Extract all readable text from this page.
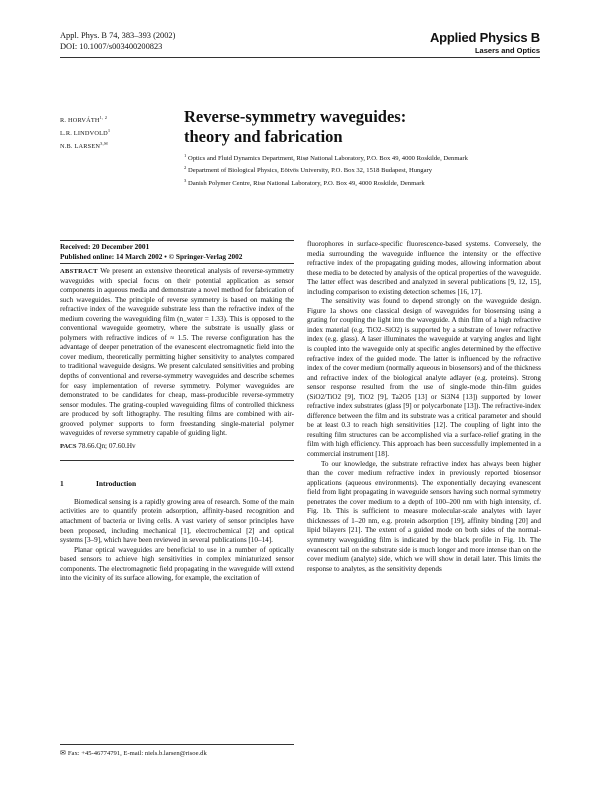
Appl. Phys. B 74, 383–393 (2002)
DOI: 10.1007/s003400200823
Applied Physics B
Lasers and Optics
R. HORVÁTH$^{1, 2}$
L.R. LINDVOLD$^1$
N.B. $LARSEN^{3,✉}$
Reverse-symmetry waveguides:
theory and fabrication
$^1$ Optics and Fluid Dynamics Department, Risø National Laboratory, P.O. Box 49, 4000 Roskilde, Denmark
$^2$ Department of Biological Physics, Eötvös University, P.O. Box 32, 1518 Budapest, Hungary
$^3$ Danish Polymer Centre, Risø National Laboratory, P.O. Box 49, 4000 Roskilde, Denmark
Received: 20 December 2001
Published online: 14 March 2002 • © Springer-Verlag 2002

ABSTRACT We present an extensive theoretical analysis of reverse-symmetry waveguides with special focus on their potential application as sensor components in aqueous media and demonstrate a novel method for fabrication of such waveguides. The principle of reverse symmetry is based on making the refractive index of the waveguide substrate less than the refractive index of the medium covering the waveguiding film (n_water = 1.33). This is opposed to the conventional waveguide geometry, where the substrate is usually glass or polymers with refractive indices of ≈ 1.5. The reverse configuration has the advantage of deeper penetration of the evanescent electromagnetic field into the cover medium, theoretically permitting higher sensitivity to analytes compared to traditional waveguide designs. We present calculated sensitivities and probing depths of conventional and reverse-symmetry waveguides and describe schemes for easy implementation of reverse symmetry. Polymer waveguides are demonstrated to be candidates for cheap, mass-producible reverse-symmetry sensor modules. The grating-coupled waveguiding films of controlled thickness are produced by soft lithography. The resulting films are combined with air-grooved polymer supports to form freestanding single-material polymer waveguides of reverse symmetry capable of guiding light.

PACS 78.66.Qn; 07.60.Hv

1	Introduction

Biomedical sensing is a rapidly growing area of research. Some of the main activities are to quantify protein adsorption, affinity-based recognition and attachment of bacteria or living cells. A vast variety of sensor principles have been proposed, including mechanical [1], electrochemical [2] and optical systems [3–9], which have been reviewed in several publications [10–14].

Planar optical waveguides are beneficial to use in a number of optically based sensors to achieve high sensitivities in complex miniaturized sensor components. The electromagnetic field propagating in the waveguide will extend into the vicinity of its surface allowing, for example, the excitation of

✉ Fax: +45-46774791, E-mail: niels.b.larsen@risoe.dk

fluorophores in surface-specific fluorescence-based systems. Conversely, the media surrounding the waveguide influence the intensity or the effective refractive index of the propagating guiding modes, allowing information about these media to be detected by analysis of the optical properties of the waveguide. The latter effect was described and analyzed in several publications [9, 12, 15], including comparison to existing detection schemes [16, 17].

The sensitivity was found to depend strongly on the waveguide design. Figure 1a shows one classical design of waveguides for biosensing using a grating for coupling the light into the waveguide. A thin film of a high refractive index material (e.g. TiO2–SiO2) is supported by a substrate of lower refractive index (e.g. glass). A laser illuminates the waveguide at varying angles and light is coupled into the waveguide only at specific angles determined by the effective refractive index of the guided mode. The latter is influenced by the refractive index of the cover medium (normally aqueous in biosensors) and of the thickness and refractive index of the biological analyte adlayer (e.g. proteins). Strong sensor response resulted from the use of single-mode thin-film guides (SiO2/TiO2 [9], TiO2 [9], Ta2O5 [13] or Si3N4 [13]) supported by lower refractive index substrates (glass [9] or polycarbonate [13]). The refractive-index difference between the film and its substrate was a critical parameter and should be at least 0.3 to reach high sensitivities [12]. The coupling of light into the resulting film structures can be accomplished via a surface-relief grating in the film with high efficiency. This approach has been successfully implemented in a commercial instrument [18].

To our knowledge, the substrate refractive index has always been higher than the cover medium refractive index in previously reported biosensor applications (aqueous environments). The exponentially decaying evanescent field from light propagating in waveguide sensors having such normal symmetry penetrates the cover medium to a depth of 100–200 nm with high intensity, cf. Fig. 1b. This is sufficient to measure molecular-scale analytes with layer thicknesses of 1–20 nm, e.g. protein adsorption [19], affinity binding [20] and lipid bilayers [21]. The extent of a guided mode on both sides of the normal-symmetry waveguiding film is indicated by the black profile in Fig. 1b. The evanescent tail on the substrate side is much longer and more intense than on the cover medium (analyte) side, which we will show in detail later. This limits the response to analytes, as the sensitivity depends
